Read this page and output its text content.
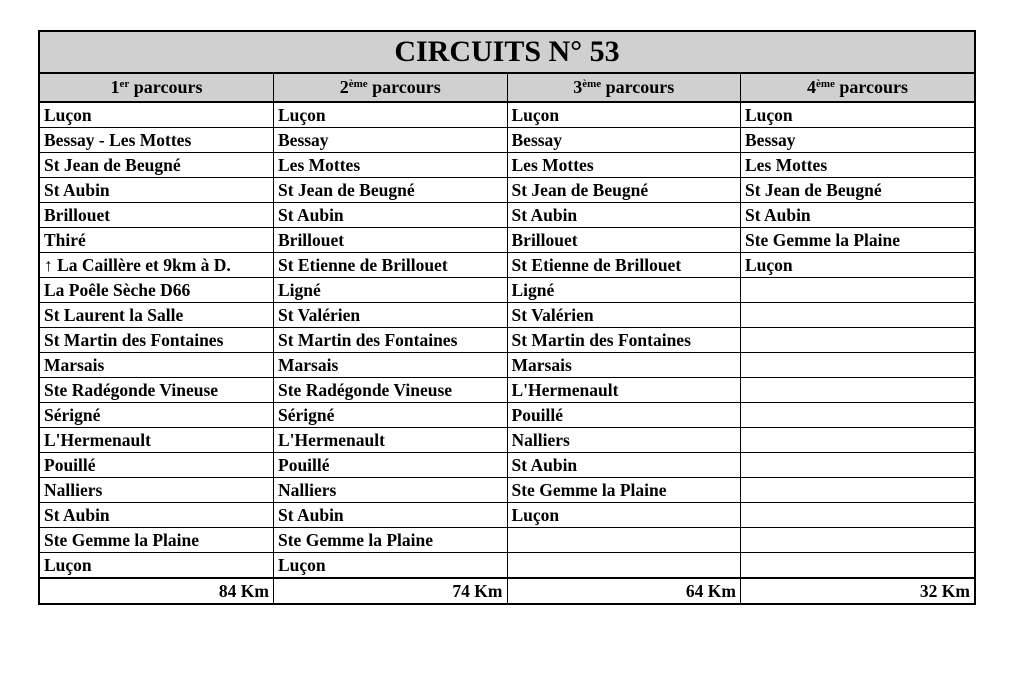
CIRCUITS N° 53
1er parcours	2ème parcours	3ème parcours	4ème parcours
Luçon	Luçon	Luçon	Luçon
Bessay - Les Mottes	Bessay	Bessay	Bessay
St Jean de Beugné	Les Mottes	Les Mottes	Les Mottes
St Aubin	St Jean de Beugné	St Jean de Beugné	St Jean de Beugné
Brillouet	St Aubin	St Aubin	St Aubin
Thiré	Brillouet	Brillouet	Ste Gemme la Plaine
↑ La Caillère et 9km à D.	St Etienne de Brillouet	St Etienne de Brillouet	Luçon
La Poêle Sèche D66	Ligné	Ligné	
St Laurent la Salle	St Valérien	St Valérien	
St Martin des Fontaines	St Martin des Fontaines	St Martin des Fontaines	
Marsais	Marsais	Marsais	
Ste Radégonde Vineuse	Ste Radégonde Vineuse	L'Hermenault	
Sérigné	Sérigné	Pouillé	
L'Hermenault	L'Hermenault	Nalliers	
Pouillé	Pouillé	St Aubin	
Nalliers	Nalliers	Ste Gemme la Plaine	
St Aubin	St Aubin	Luçon	
Ste Gemme la Plaine	Ste Gemme la Plaine		
Luçon	Luçon		
84 Km	74 Km	64 Km	32 Km
